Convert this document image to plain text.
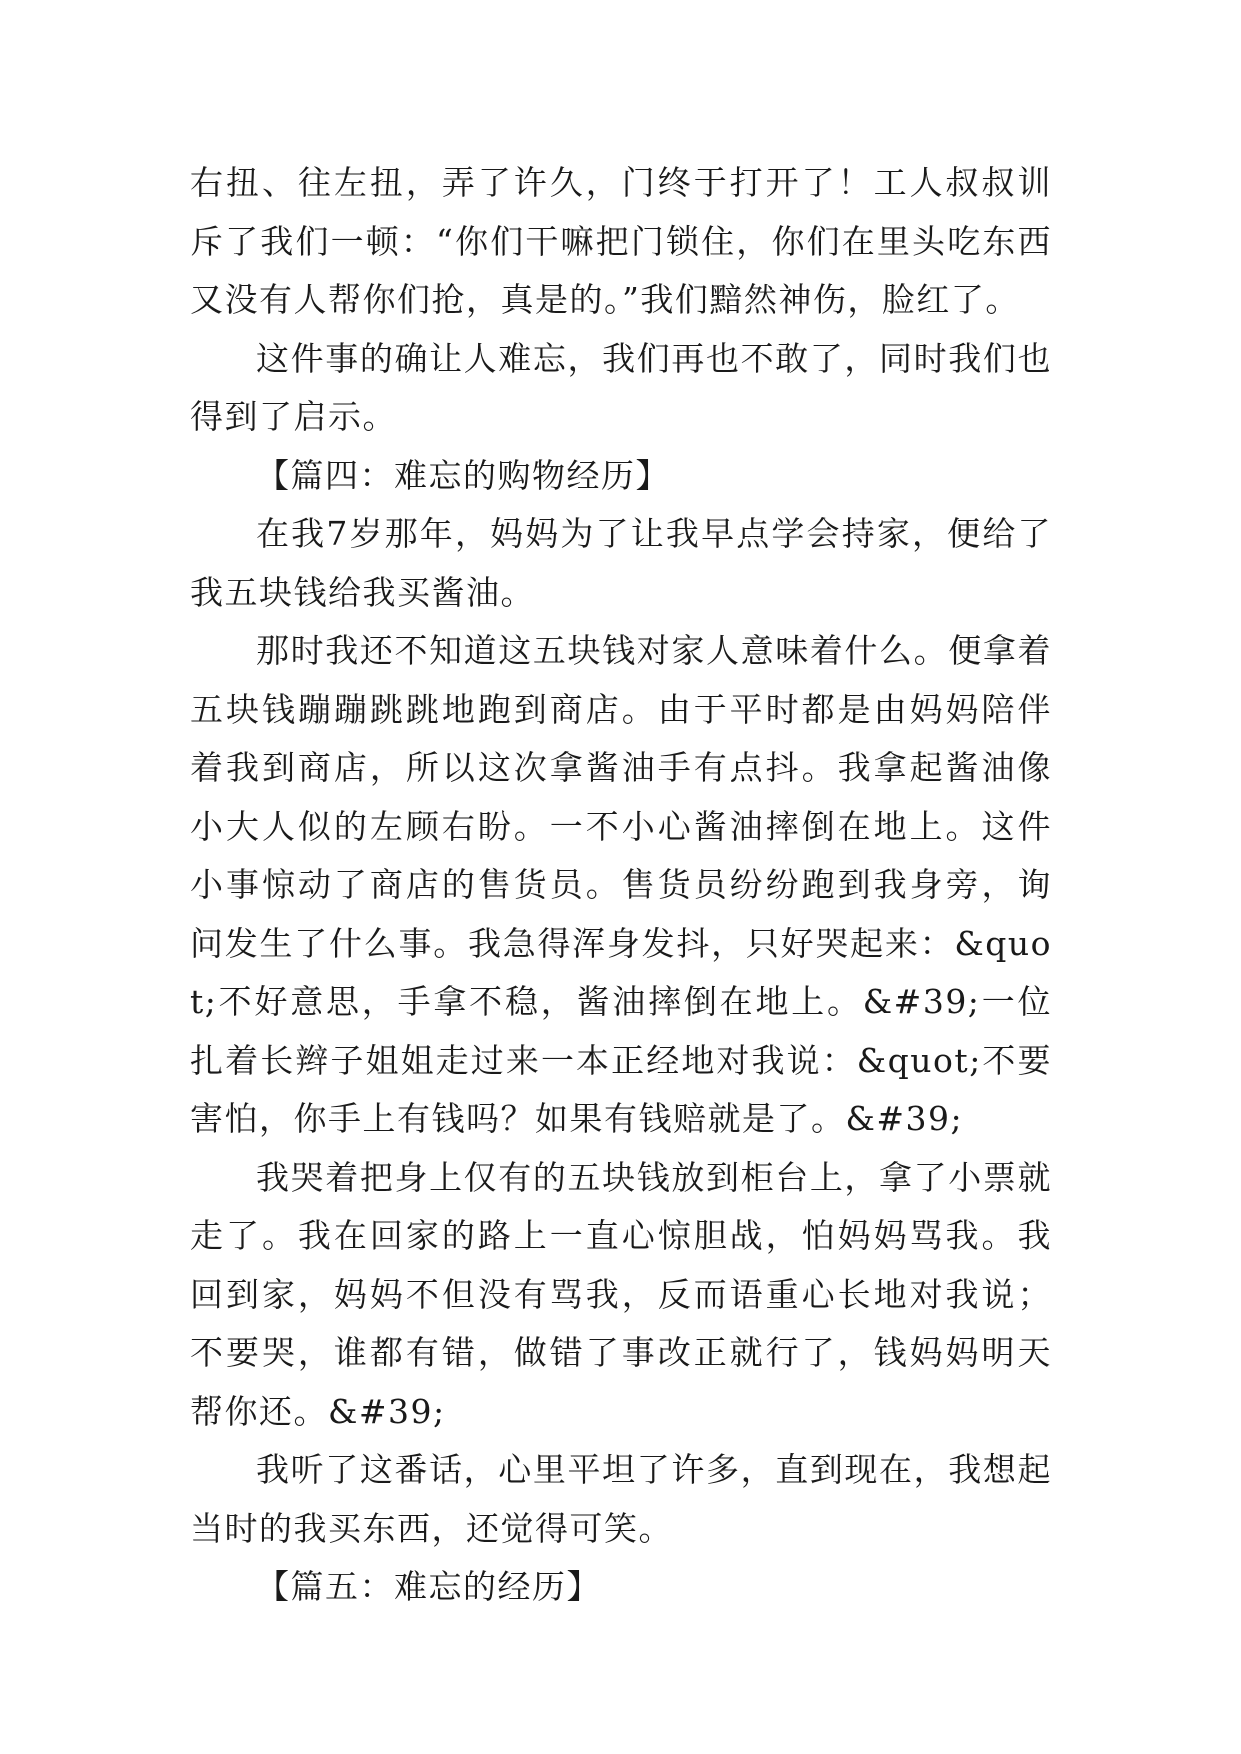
右扭、往左扭，弄了许久，门终于打开了！工人叔叔训斥了我们一顿：“你们干嘛把门锁住，你们在里头吃东西又没有人帮你们抢，真是的。”我们黯然神伤，脸红了。

这件事的确让人难忘，我们再也不敢了，同时我们也得到了启示。

【篇四：难忘的购物经历】

在我7岁那年，妈妈为了让我早点学会持家，便给了我五块钱给我买酱油。

那时我还不知道这五块钱对家人意味着什么。便拿着五块钱蹦蹦跳跳地跑到商店。由于平时都是由妈妈陪伴着我到商店，所以这次拿酱油手有点抖。我拿起酱油像小大人似的左顾右盼。一不小心酱油摔倒在地上。这件小事惊动了商店的售货员。售货员纷纷跑到我身旁，询问发生了什么事。我急得浑身发抖，只好哭起来：&quot;不好意思，手拿不稳，酱油摔倒在地上。&#39;一位扎着长辫子姐姐走过来一本正经地对我说：&quot;不要害怕，你手上有钱吗？如果有钱赔就是了。&#39;

我哭着把身上仅有的五块钱放到柜台上，拿了小票就走了。我在回家的路上一直心惊胆战，怕妈妈骂我。我回到家，妈妈不但没有骂我，反而语重心长地对我说；不要哭，谁都有错，做错了事改正就行了，钱妈妈明天帮你还。&#39;

我听了这番话，心里平坦了许多，直到现在，我想起当时的我买东西，还觉得可笑。

【篇五：难忘的经历】
